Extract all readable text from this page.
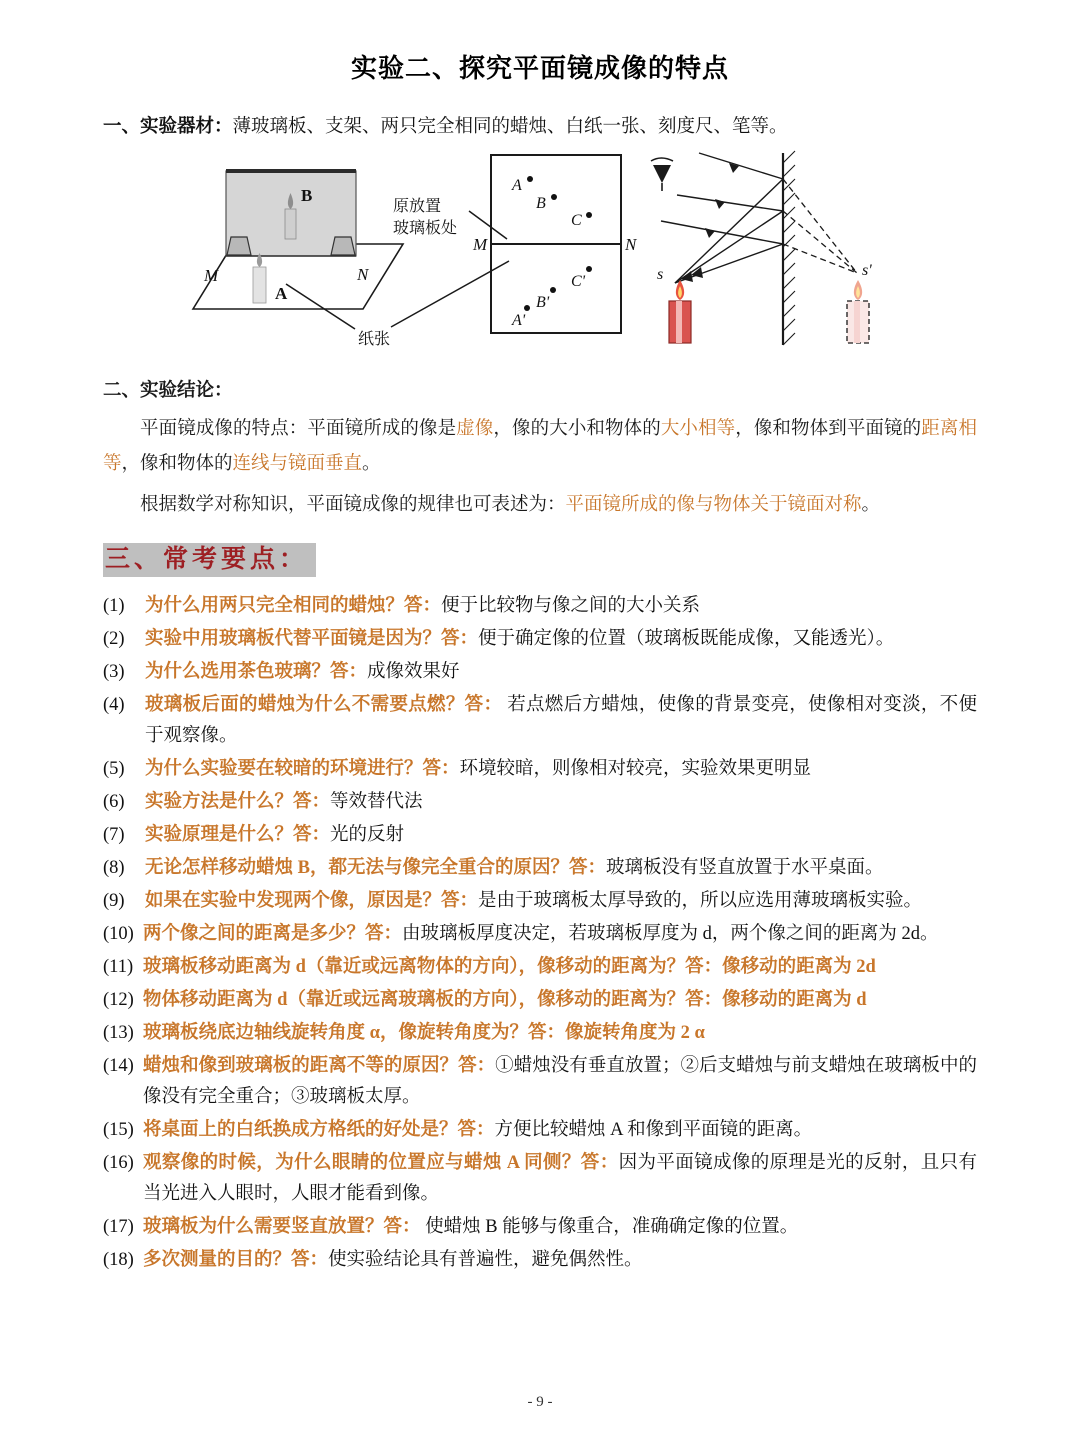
实验二、探究平面镜成像的特点
一、实验器材：薄玻璃板、支架、两只完全相同的蜡烛、白纸一张、刻度尺、笔等。
B
A
M	N
纸张
原放置
玻璃板处
A
B
C
C'
B'
A'
M	N
s	s'
二、实验结论：
平面镜成像的特点：平面镜所成的像是虚像，像的大小和物体的大小相等，像和物体到平面镜的距离相等，像和物体的连线与镜面垂直。
根据数学对称知识，平面镜成像的规律也可表述为：平面镜所成的像与物体关于镜面对称。
三、常考要点：
(1)	为什么用两只完全相同的蜡烛？答：便于比较物与像之间的大小关系
(2)	实验中用玻璃板代替平面镜是因为？答：便于确定像的位置（玻璃板既能成像，又能透光）。
(3)	为什么选用茶色玻璃？答：成像效果好
(4)	玻璃板后面的蜡烛为什么不需要点燃？答： 若点燃后方蜡烛，使像的背景变亮，使像相对变淡，不便于观察像。
(5)	为什么实验要在较暗的环境进行？答：环境较暗，则像相对较亮，实验效果更明显
(6)	实验方法是什么？答：等效替代法
(7)	实验原理是什么？答：光的反射
(8)	无论怎样移动蜡烛 B，都无法与像完全重合的原因？答：玻璃板没有竖直放置于水平桌面。
(9)	如果在实验中发现两个像，原因是？答：是由于玻璃板太厚导致的，所以应选用薄玻璃板实验。
(10) 两个像之间的距离是多少？答：由玻璃板厚度决定，若玻璃板厚度为 d，两个像之间的距离为 2d。
(11) 玻璃板移动距离为 d（靠近或远离物体的方向），像移动的距离为？答：像移动的距离为 2d
(12) 物体移动距离为 d（靠近或远离玻璃板的方向），像移动的距离为？答：像移动的距离为 d
(13) 玻璃板绕底边轴线旋转角度 α，像旋转角度为？答：像旋转角度为 2 α
(14) 蜡烛和像到玻璃板的距离不等的原因？答：①蜡烛没有垂直放置；②后支蜡烛与前支蜡烛在玻璃板中的像没有完全重合；③玻璃板太厚。
(15) 将桌面上的白纸换成方格纸的好处是？答：方便比较蜡烛 A 和像到平面镜的距离。
(16) 观察像的时候，为什么眼睛的位置应与蜡烛 A 同侧？答：因为平面镜成像的原理是光的反射，且只有当光进入人眼时，人眼才能看到像。
(17) 玻璃板为什么需要竖直放置？答： 使蜡烛 B 能够与像重合，准确确定像的位置。
(18) 多次测量的目的？答：使实验结论具有普遍性，避免偶然性。
- 9 -
